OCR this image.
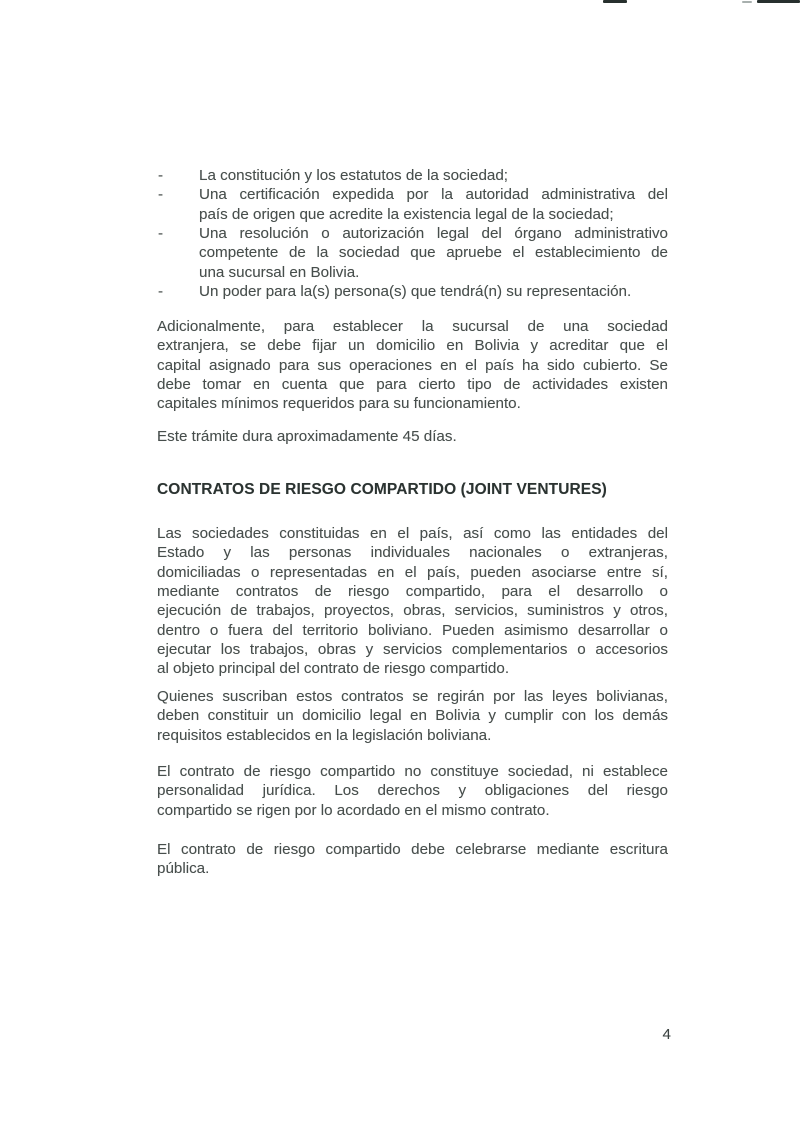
- La constitución y los estatutos de la sociedad;
- Una certificación expedida por la autoridad administrativa del
país de origen que acredite la existencia legal de la sociedad;
- Una resolución o autorización legal del órgano administrativo
competente de la sociedad que apruebe el establecimiento de
una sucursal en Bolivia.
- Un poder para la(s) persona(s) que tendrá(n) su representación.
Adicionalmente, para establecer la sucursal de una sociedad
extranjera, se debe fijar un domicilio en Bolivia y acreditar que el
capital asignado para sus operaciones en el país ha sido cubierto. Se
debe tomar en cuenta que para cierto tipo de actividades existen
capitales mínimos requeridos para su funcionamiento.
Este trámite dura aproximadamente 45 días.
CONTRATOS DE RIESGO COMPARTIDO (JOINT VENTURES)
Las sociedades constituidas en el país, así como las entidades del
Estado y las personas individuales nacionales o extranjeras,
domiciliadas o representadas en el país, pueden asociarse entre sí,
mediante contratos de riesgo compartido, para el desarrollo o
ejecución de trabajos, proyectos, obras, servicios, suministros y otros,
dentro o fuera del territorio boliviano. Pueden asimismo desarrollar o
ejecutar los trabajos, obras y servicios complementarios o accesorios
al objeto principal del contrato de riesgo compartido.
Quienes suscriban estos contratos se regirán por las leyes bolivianas,
deben constituir un domicilio legal en Bolivia y cumplir con los demás
requisitos establecidos en la legislación boliviana.
El contrato de riesgo compartido no constituye sociedad, ni establece
personalidad jurídica. Los derechos y obligaciones del riesgo
compartido se rigen por lo acordado en el mismo contrato.
El contrato de riesgo compartido debe celebrarse mediante escritura
pública.
4
